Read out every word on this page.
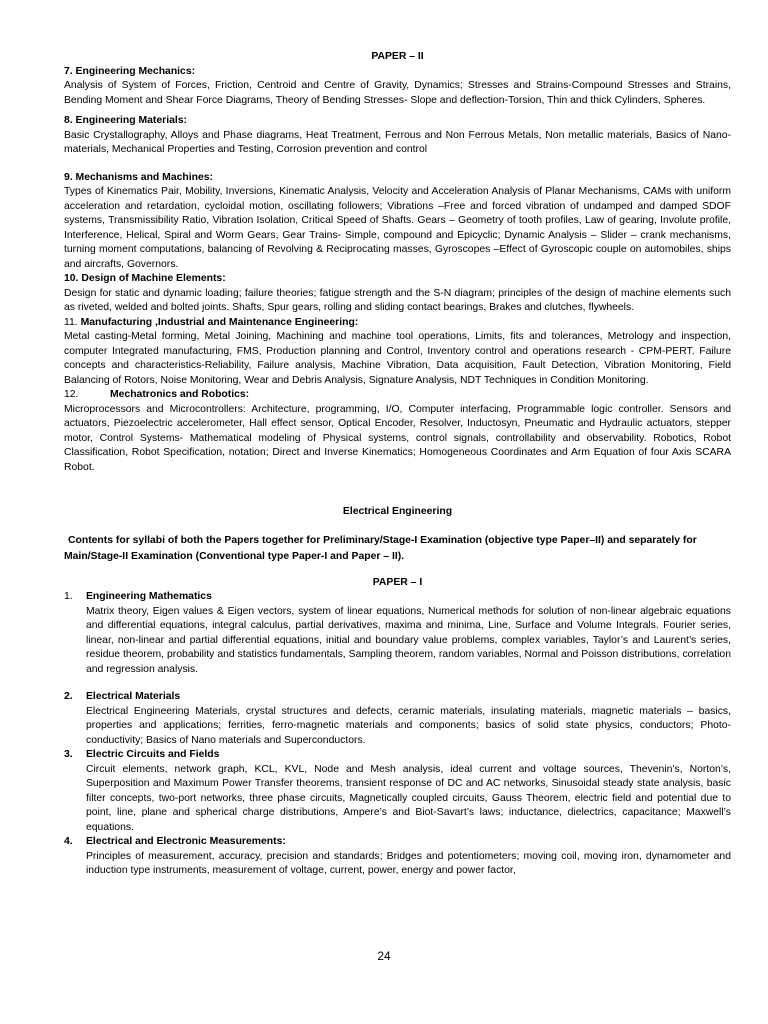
PAPER – II
7. Engineering Mechanics:

Analysis of System of Forces, Friction, Centroid and Centre of Gravity, Dynamics; Stresses and Strains-Compound Stresses and Strains, Bending Moment and Shear Force Diagrams, Theory of Bending Stresses- Slope and deflection-Torsion, Thin and thick Cylinders, Spheres.

8. Engineering Materials:

Basic Crystallography, Alloys and Phase diagrams, Heat Treatment, Ferrous and Non Ferrous Metals, Non metallic materials, Basics of Nano-materials, Mechanical Properties and Testing, Corrosion prevention and control

9. Mechanisms and Machines:

Types of Kinematics Pair, Mobility, Inversions, Kinematic Analysis, Velocity and Acceleration Analysis of Planar Mechanisms, CAMs with uniform acceleration and retardation, cycloidal motion, oscillating followers; Vibrations –Free and forced vibration of undamped and damped SDOF systems, Transmissibility Ratio, Vibration Isolation, Critical Speed of Shafts. Gears – Geometry of tooth profiles, Law of gearing, Involute profile, Interference, Helical, Spiral and Worm Gears, Gear Trains- Simple, compound and Epicyclic; Dynamic Analysis – Slider – crank mechanisms, turning moment computations, balancing of Revolving & Reciprocating masses, Gyroscopes –Effect of Gyroscopic couple on automobiles, ships and aircrafts, Governors.

10. Design of Machine Elements:

Design for static and dynamic loading; failure theories; fatigue strength and the S-N diagram; principles of the design of machine elements such as riveted, welded and bolted joints. Shafts, Spur gears, rolling and sliding contact bearings, Brakes and clutches, flywheels.

11. Manufacturing ,Industrial and Maintenance Engineering:

Metal casting-Metal forming, Metal Joining, Machining and machine tool operations, Limits, fits and tolerances, Metrology and inspection, computer Integrated manufacturing, FMS, Production planning and Control, Inventory control and operations research - CPM-PERT. Failure concepts and characteristics-Reliability, Failure analysis, Machine Vibration, Data acquisition, Fault Detection, Vibration Monitoring, Field Balancing of Rotors, Noise Monitoring, Wear and Debris Analysis, Signature Analysis, NDT Techniques in Condition Monitoring.

12.	Mechatronics and Robotics:

Microprocessors and Microcontrollers: Architecture, programming, I/O, Computer interfacing, Programmable logic controller. Sensors and actuators, Piezoelectric accelerometer, Hall effect sensor, Optical Encoder, Resolver, Inductosyn, Pneumatic and Hydraulic actuators, stepper motor, Control Systems- Mathematical modeling of Physical systems, control signals, controllability and observability. Robotics, Robot Classification, Robot Specification, notation; Direct and Inverse Kinematics; Homogeneous Coordinates and Arm Equation of four Axis SCARA Robot.

Electrical Engineering

Contents for syllabi of both the Papers together for Preliminary/Stage-I Examination (objective type Paper–II) and separately for Main/Stage-II Examination (Conventional type Paper-I and Paper – II).

PAPER – I
1.	Engineering Mathematics

Matrix theory, Eigen values & Eigen vectors, system of linear equations, Numerical methods for solution of non-linear algebraic equations and differential equations, integral calculus, partial derivatives, maxima and minima, Line, Surface and Volume Integrals. Fourier series, linear, non-linear and partial differential equations, initial and boundary value problems, complex variables, Taylor’s and Laurent’s series, residue theorem, probability and statistics fundamentals, Sampling theorem, random variables, Normal and Poisson distributions, correlation and regression analysis.

2.	Electrical Materials

Electrical Engineering Materials, crystal structures and defects, ceramic materials, insulating materials, magnetic materials – basics, properties and applications; ferrities, ferro-magnetic materials and components; basics of solid state physics, conductors; Photo-conductivity; Basics of Nano materials and Superconductors.

3.	Electric Circuits and Fields

Circuit elements, network graph, KCL, KVL, Node and Mesh analysis, ideal current and voltage sources, Thevenin’s, Norton’s, Superposition and Maximum Power Transfer theorems, transient response of DC and AC networks, Sinusoidal steady state analysis, basic filter concepts, two-port networks, three phase circuits, Magnetically coupled circuits, Gauss Theorem, electric field and potential due to point, line, plane and spherical charge distributions, Ampere’s and Biot-Savart’s laws; inductance, dielectrics, capacitance; Maxwell’s equations.

4.	Electrical and Electronic Measurements:

Principles of measurement, accuracy, precision and standards; Bridges and potentiometers; moving coil, moving iron, dynamometer and induction type instruments, measurement of voltage, current, power, energy and power factor,

24
